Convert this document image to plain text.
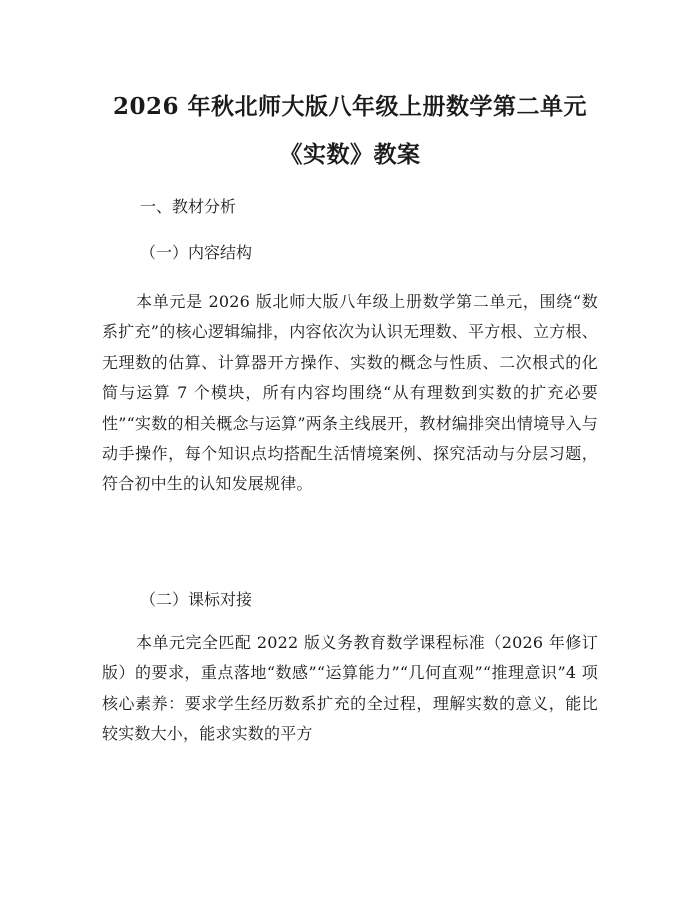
2026 年秋北师大版八年级上册数学第二单元
《实数》教案
一、教材分析
（一）内容结构
本单元是 2026 版北师大版八年级上册数学第二单元，围绕“数系扩充”的核心逻辑编排，内容依次为认识无理数、平方根、立方根、无理数的估算、计算器开方操作、实数的概念与性质、二次根式的化简与运算 7 个模块，所有内容均围绕“从有理数到实数的扩充必要性”“实数的相关概念与运算”两条主线展开，教材编排突出情境导入与动手操作，每个知识点均搭配生活情境案例、探究活动与分层习题，符合初中生的认知发展规律。
（二）课标对接
本单元完全匹配 2022 版义务教育数学课程标准（2026 年修订版）的要求，重点落地“数感”“运算能力”“几何直观”“推理意识”4 项核心素养：要求学生经历数系扩充的全过程，理解实数的意义，能比较实数大小，能求实数的平方
